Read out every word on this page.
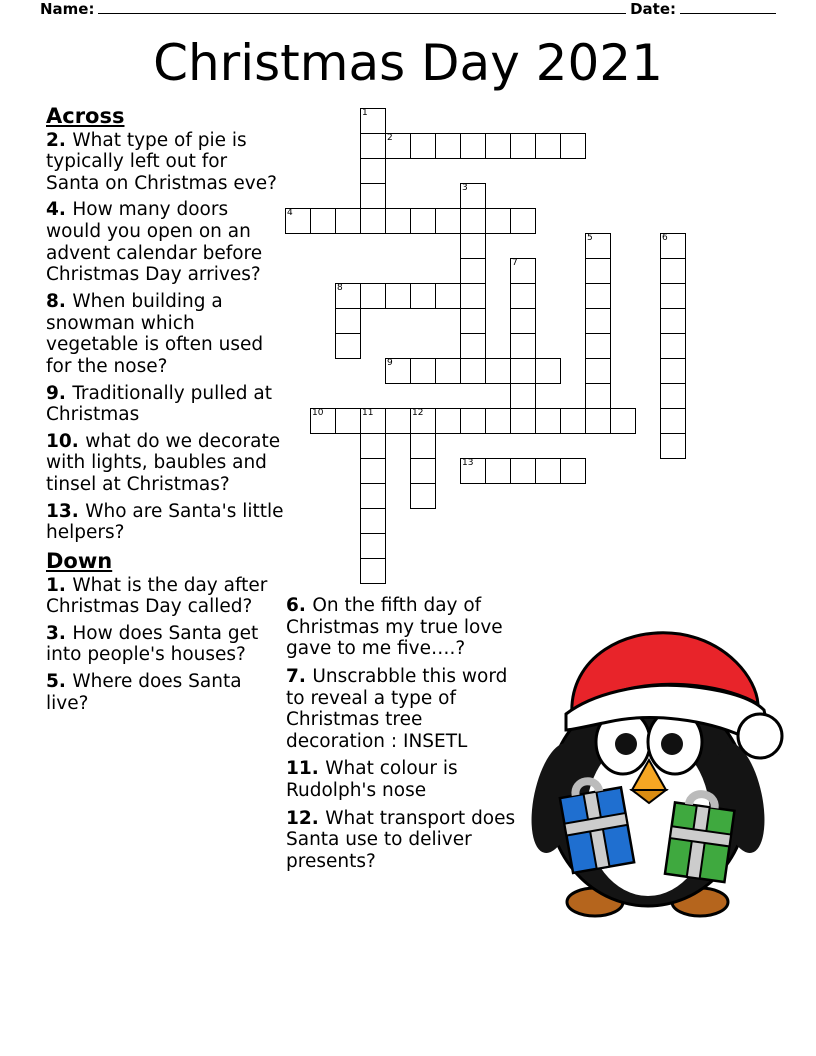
Name:	Date:
Christmas Day 2021
1
2
3
4
5	6
7
8
9
10	11	12
13
Across

2. What type of pie is typically left out for Santa on Christmas eve?

4. How many doors would you open on an advent calendar before Christmas Day arrives?

8. When building a snowman which vegetable is often used for the nose?

9. Traditionally pulled at Christmas

10. what do we decorate with lights, baubles and tinsel at Christmas?

13. Who are Santa's little helpers?

Down

1. What is the day after Christmas Day called?

3. How does Santa get into people's houses?

5. Where does Santa live?

6. On the fifth day of Christmas my true love gave to me five….?

7. Unscrabble this word to reveal a type of Christmas tree decoration : INSETL

11. What colour is Rudolph's nose

12. What transport does Santa use to deliver presents?
